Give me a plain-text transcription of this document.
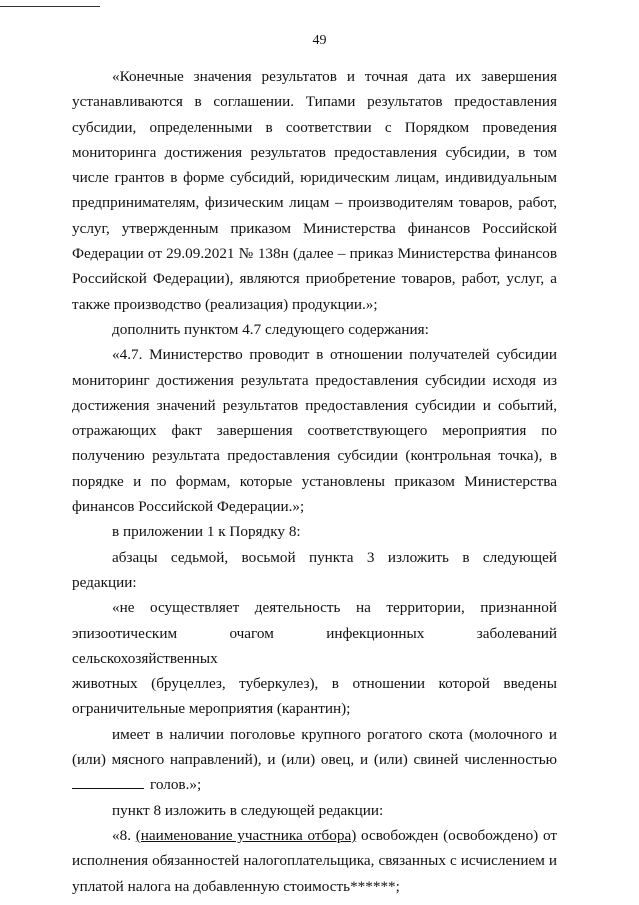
49

«Конечные значения результатов и точная дата их завершения устанавливаются в соглашении. Типами результатов предоставления субсидии, определенными в соответствии с Порядком проведения мониторинга достижения результатов предоставления субсидии, в том числе грантов в форме субсидий, юридическим лицам, индивидуальным предпринимателям, физическим лицам – производителям товаров, работ, услуг, утвержденным приказом Министерства финансов Российской Федерации от 29.09.2021 № 138н (далее – приказ Министерства финансов Российской Федерации), являются приобретение товаров, работ, услуг, а также производство (реализация) продукции.»;

дополнить пунктом 4.7 следующего содержания:

«4.7. Министерство проводит в отношении получателей субсидии мониторинг достижения результата предоставления субсидии исходя из достижения значений результатов предоставления субсидии и событий, отражающих факт завершения соответствующего мероприятия по получению результата предоставления субсидии (контрольная точка), в порядке и по формам, которые установлены приказом Министерства финансов Российской Федерации.»;

в приложении 1 к Порядку 8:

абзацы седьмой, восьмой пункта 3 изложить в следующей редакции:

«не осуществляет деятельность на территории, признанной
эпизоотическим очагом инфекционных заболеваний сельскохозяйственных
животных (бруцеллез, туберкулез), в отношении которой введены
ограничительные мероприятия (карантин);

имеет в наличии поголовье крупного рогатого скота (молочного и (или) мясного направлений), и (или) овец, и (или) свиней численностью голов.»;

пункт 8 изложить в следующей редакции:

«8. (наименование участника отбора) освобожден (освобождено) от исполнения обязанностей налогоплательщика, связанных с исчислением и уплатой налога на добавленную стоимость******;
